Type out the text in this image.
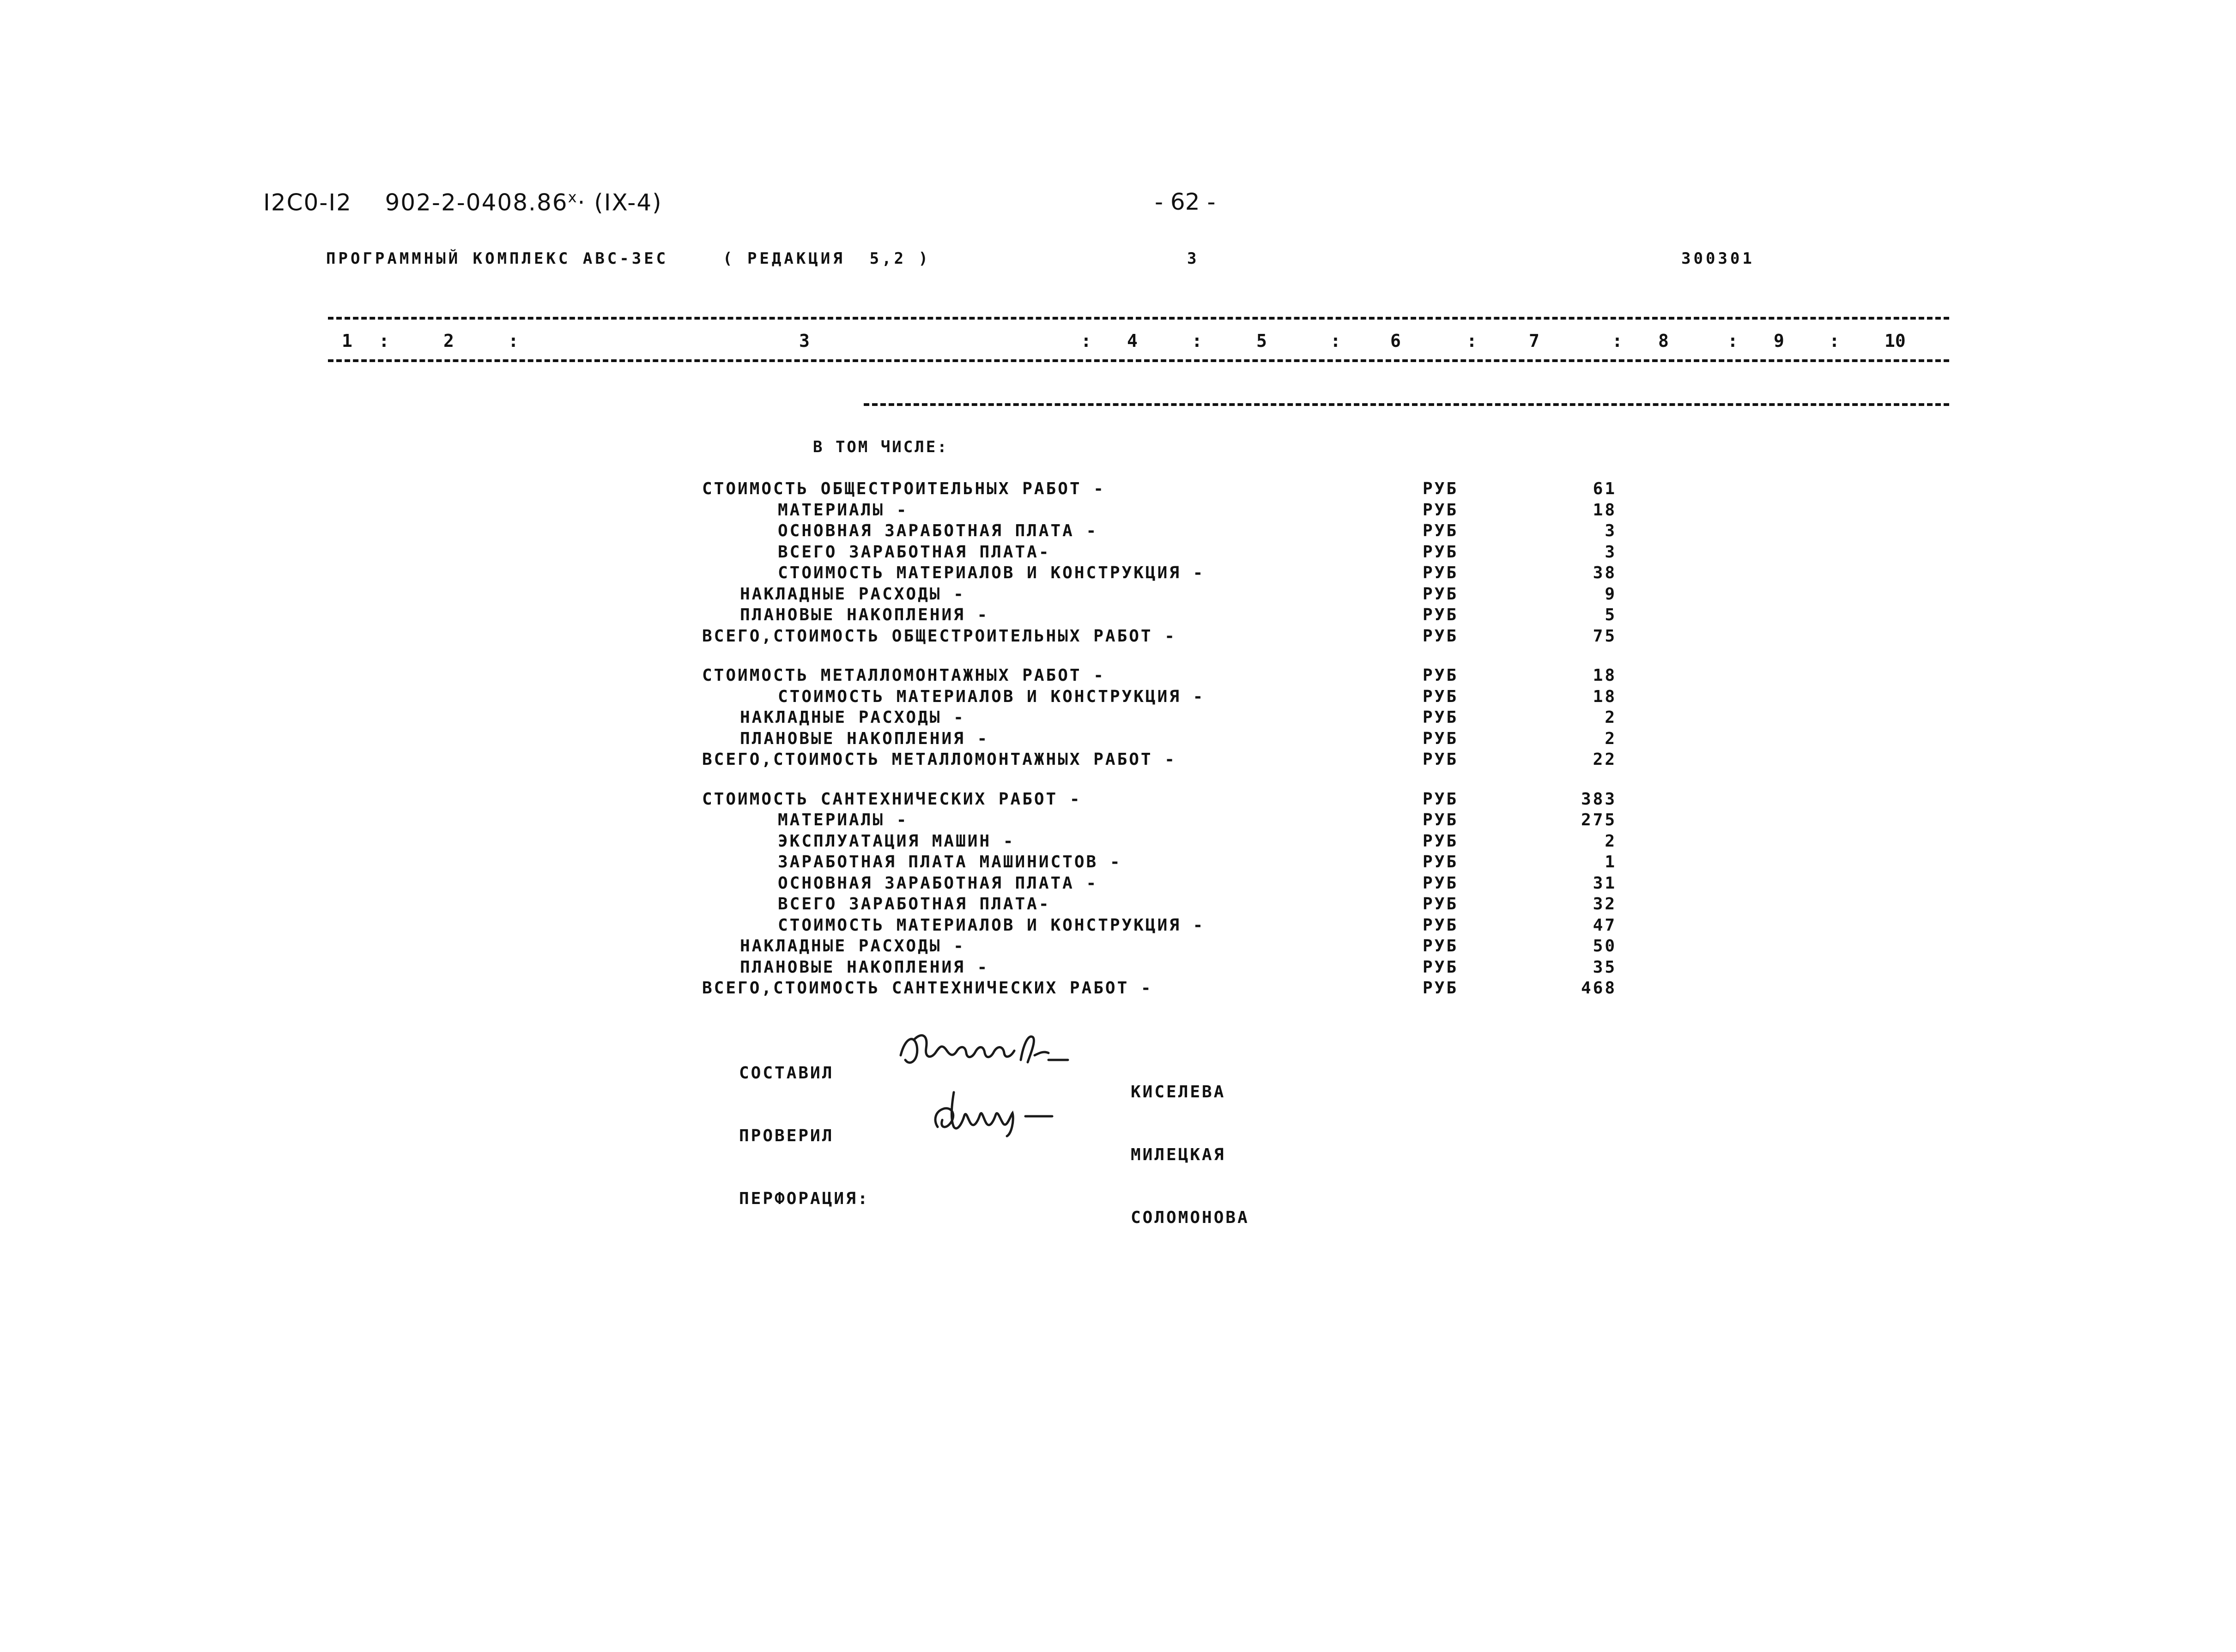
I2C0-I2 $902-2-0408.86^x\cdot (IX-4)$	- 62 -
ПРОГРАММНЫЙ КОМПЛЕКС АВС-3ЕС	( РЕДАКЦИЯ  5,2 )	3	300301
1	2	3	4	5	6	7	8	9	10
:	:	:	:	:	:	:	:	:
В ТОМ ЧИСЛЕ:
СТОИМОСТЬ ОБЩЕСТРОИТЕЛЬНЫХ РАБОТ -	РУБ	61
МАТЕРИАЛЫ -	РУБ	18
ОСНОВНАЯ ЗАРАБОТНАЯ ПЛАТА -	РУБ	3
ВСЕГО ЗАРАБОТНАЯ ПЛАТА-	РУБ	3
СТОИМОСТЬ МАТЕРИАЛОВ И КОНСТРУКЦИЯ -	РУБ	38
НАКЛАДНЫЕ РАСХОДЫ -	РУБ	9
ПЛАНОВЫЕ НАКОПЛЕНИЯ -	РУБ	5
ВСЕГО,СТОИМОСТЬ ОБЩЕСТРОИТЕЛЬНЫХ РАБОТ -	РУБ	75
СТОИМОСТЬ МЕТАЛЛОМОНТАЖНЫХ РАБОТ -	РУБ	18
СТОИМОСТЬ МАТЕРИАЛОВ И КОНСТРУКЦИЯ -	РУБ	18
НАКЛАДНЫЕ РАСХОДЫ -	РУБ	2
ПЛАНОВЫЕ НАКОПЛЕНИЯ -	РУБ	2
ВСЕГО,СТОИМОСТЬ МЕТАЛЛОМОНТАЖНЫХ РАБОТ -	РУБ	22
СТОИМОСТЬ САНТЕХНИЧЕСКИХ РАБОТ -	РУБ	383
МАТЕРИАЛЫ -	РУБ	275
ЭКСПЛУАТАЦИЯ МАШИН -	РУБ	2
ЗАРАБОТНАЯ ПЛАТА МАШИНИСТОВ -	РУБ	1
ОСНОВНАЯ ЗАРАБОТНАЯ ПЛАТА -	РУБ	31
ВСЕГО ЗАРАБОТНАЯ ПЛАТА-	РУБ	32
СТОИМОСТЬ МАТЕРИАЛОВ И КОНСТРУКЦИЯ -	РУБ	47
НАКЛАДНЫЕ РАСХОДЫ -	РУБ	50
ПЛАНОВЫЕ НАКОПЛЕНИЯ -	РУБ	35
ВСЕГО,СТОИМОСТЬ САНТЕХНИЧЕСКИХ РАБОТ -	РУБ	468

СОСТАВИЛ

КИСЕЛЕВА

ПРОВЕРИЛ

МИЛЕЦКАЯ

ПЕРФОРАЦИЯ:

СОЛОМОНОВА
